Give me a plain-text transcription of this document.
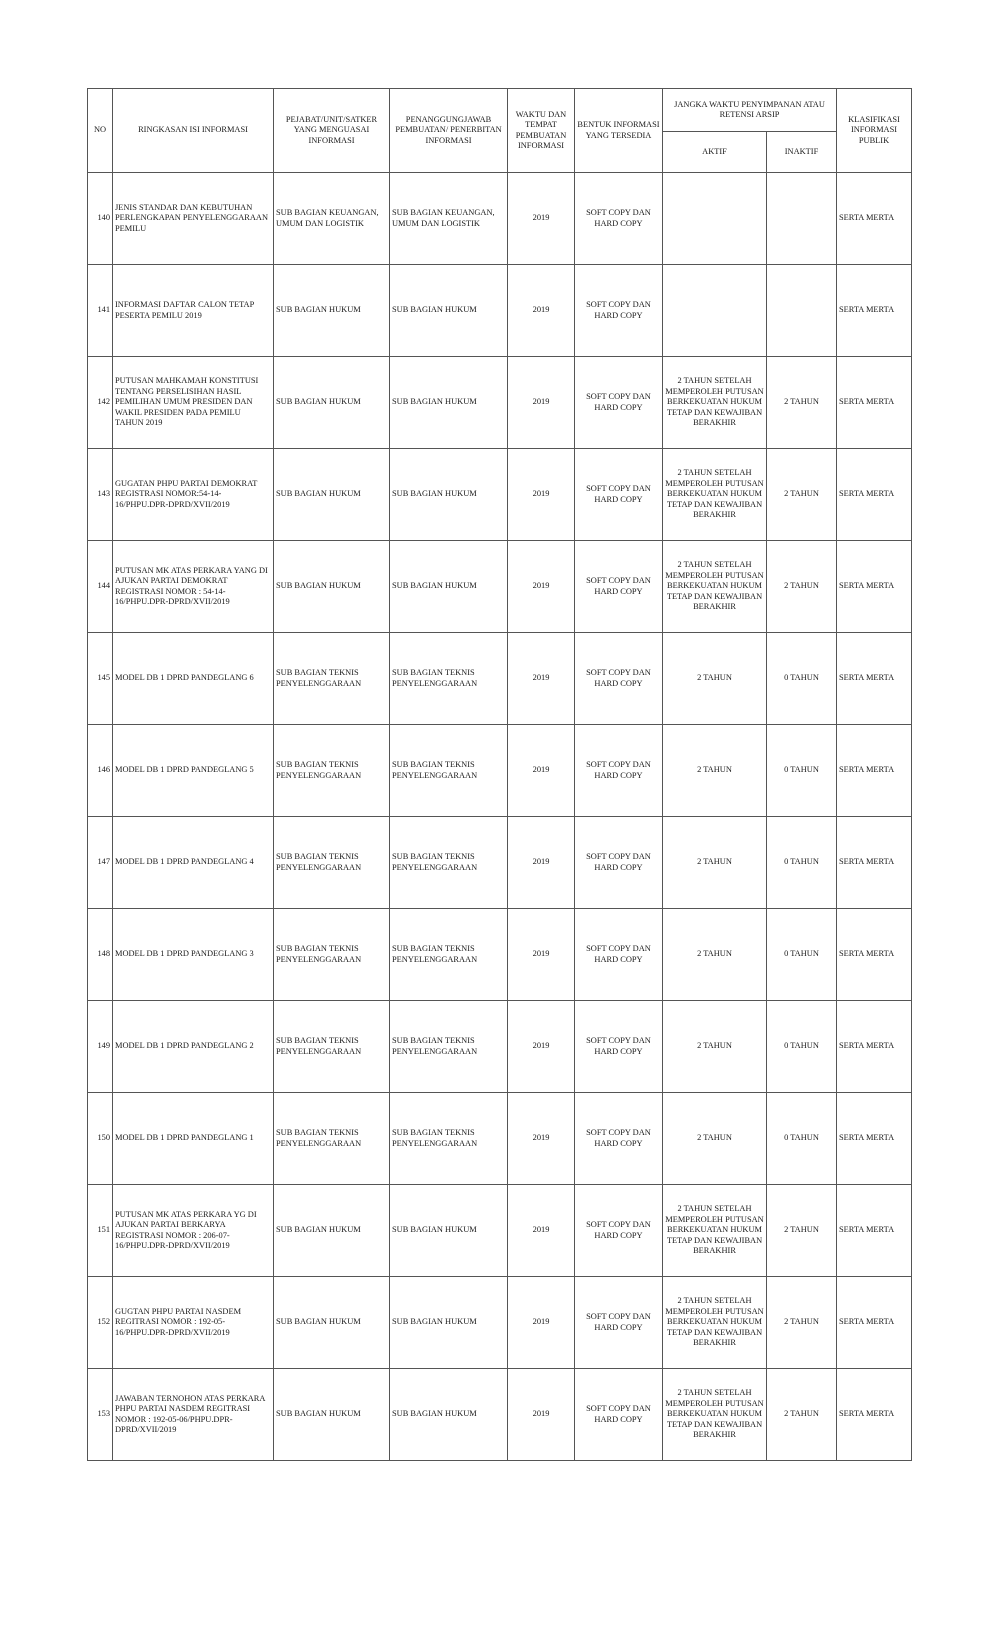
NO	RINGKASAN ISI INFORMASI	PEJABAT/UNIT/SATKER YANG MENGUASAI INFORMASI	PENANGGUNGJAWAB PEMBUATAN/ PENERBITAN INFORMASI	WAKTU DAN TEMPAT PEMBUATAN INFORMASI	BENTUK INFORMASI YANG TERSEDIA	JANGKA WAKTU PENYIMPANAN ATAU RETENSI ARSIP		KLASIFIKASI INFORMASI PUBLIK
						AKTIF	INAKTIF	
140	JENIS STANDAR DAN KEBUTUHAN PERLENGKAPAN PENYELENGGARAAN PEMILU	SUB BAGIAN KEUANGAN, UMUM DAN LOGISTIK	SUB BAGIAN KEUANGAN, UMUM DAN LOGISTIK	2019	SOFT COPY DAN HARD COPY			SERTA MERTA
141	INFORMASI DAFTAR CALON TETAP PESERTA PEMILU 2019	SUB BAGIAN HUKUM	SUB BAGIAN HUKUM	2019	SOFT COPY DAN HARD COPY			SERTA MERTA
142	PUTUSAN MAHKAMAH KONSTITUSI TENTANG PERSELISIHAN HASIL PEMILIHAN UMUM PRESIDEN DAN WAKIL PRESIDEN PADA PEMILU TAHUN 2019	SUB BAGIAN HUKUM	SUB BAGIAN HUKUM	2019	SOFT COPY DAN HARD COPY	2 TAHUN SETELAH MEMPEROLEH PUTUSAN BERKEKUATAN HUKUM TETAP DAN KEWAJIBAN BERAKHIR	2 TAHUN	SERTA MERTA
143	GUGATAN PHPU PARTAI DEMOKRAT REGISTRASI NOMOR:54-14-16/PHPU.DPR-DPRD/XVII/2019	SUB BAGIAN HUKUM	SUB BAGIAN HUKUM	2019	SOFT COPY DAN HARD COPY	2 TAHUN SETELAH MEMPEROLEH PUTUSAN BERKEKUATAN HUKUM TETAP DAN KEWAJIBAN BERAKHIR	2 TAHUN	SERTA MERTA
144	PUTUSAN MK ATAS PERKARA YANG DI AJUKAN PARTAI DEMOKRAT REGISTRASI NOMOR : 54-14-16/PHPU.DPR-DPRD/XVII/2019	SUB BAGIAN HUKUM	SUB BAGIAN HUKUM	2019	SOFT COPY DAN HARD COPY	2 TAHUN SETELAH MEMPEROLEH PUTUSAN BERKEKUATAN HUKUM TETAP DAN KEWAJIBAN BERAKHIR	2 TAHUN	SERTA MERTA
145	MODEL DB 1 DPRD PANDEGLANG 6	SUB BAGIAN TEKNIS PENYELENGGARAAN	SUB BAGIAN TEKNIS PENYELENGGARAAN	2019	SOFT COPY DAN HARD COPY	2 TAHUN	0 TAHUN	SERTA MERTA
146	MODEL DB 1 DPRD PANDEGLANG 5	SUB BAGIAN TEKNIS PENYELENGGARAAN	SUB BAGIAN TEKNIS PENYELENGGARAAN	2019	SOFT COPY DAN HARD COPY	2 TAHUN	0 TAHUN	SERTA MERTA
147	MODEL DB 1 DPRD PANDEGLANG 4	SUB BAGIAN TEKNIS PENYELENGGARAAN	SUB BAGIAN TEKNIS PENYELENGGARAAN	2019	SOFT COPY DAN HARD COPY	2 TAHUN	0 TAHUN	SERTA MERTA
148	MODEL DB 1 DPRD PANDEGLANG 3	SUB BAGIAN TEKNIS PENYELENGGARAAN	SUB BAGIAN TEKNIS PENYELENGGARAAN	2019	SOFT COPY DAN HARD COPY	2 TAHUN	0 TAHUN	SERTA MERTA
149	MODEL DB 1 DPRD PANDEGLANG 2	SUB BAGIAN TEKNIS PENYELENGGARAAN	SUB BAGIAN TEKNIS PENYELENGGARAAN	2019	SOFT COPY DAN HARD COPY	2 TAHUN	0 TAHUN	SERTA MERTA
150	MODEL DB 1 DPRD PANDEGLANG 1	SUB BAGIAN TEKNIS PENYELENGGARAAN	SUB BAGIAN TEKNIS PENYELENGGARAAN	2019	SOFT COPY DAN HARD COPY	2 TAHUN	0 TAHUN	SERTA MERTA
151	PUTUSAN MK ATAS PERKARA YG DI AJUKAN PARTAI BERKARYA REGISTRASI NOMOR : 206-07-16/PHPU.DPR-DPRD/XVII/2019	SUB BAGIAN HUKUM	SUB BAGIAN HUKUM	2019	SOFT COPY DAN HARD COPY	2 TAHUN SETELAH MEMPEROLEH PUTUSAN BERKEKUATAN HUKUM TETAP DAN KEWAJIBAN BERAKHIR	2 TAHUN	SERTA MERTA
152	GUGTAN PHPU PARTAI NASDEM REGITRASI NOMOR : 192-05-16/PHPU.DPR-DPRD/XVII/2019	SUB BAGIAN HUKUM	SUB BAGIAN HUKUM	2019	SOFT COPY DAN HARD COPY	2 TAHUN SETELAH MEMPEROLEH PUTUSAN BERKEKUATAN HUKUM TETAP DAN KEWAJIBAN BERAKHIR	2 TAHUN	SERTA MERTA
153	JAWABAN TERNOHON ATAS PERKARA PHPU PARTAI NASDEM REGITRASI NOMOR : 192-05-06/PHPU.DPR-DPRD/XVII/2019	SUB BAGIAN HUKUM	SUB BAGIAN HUKUM	2019	SOFT COPY DAN HARD COPY	2 TAHUN SETELAH MEMPEROLEH PUTUSAN BERKEKUATAN HUKUM TETAP DAN KEWAJIBAN BERAKHIR	2 TAHUN	SERTA MERTA
